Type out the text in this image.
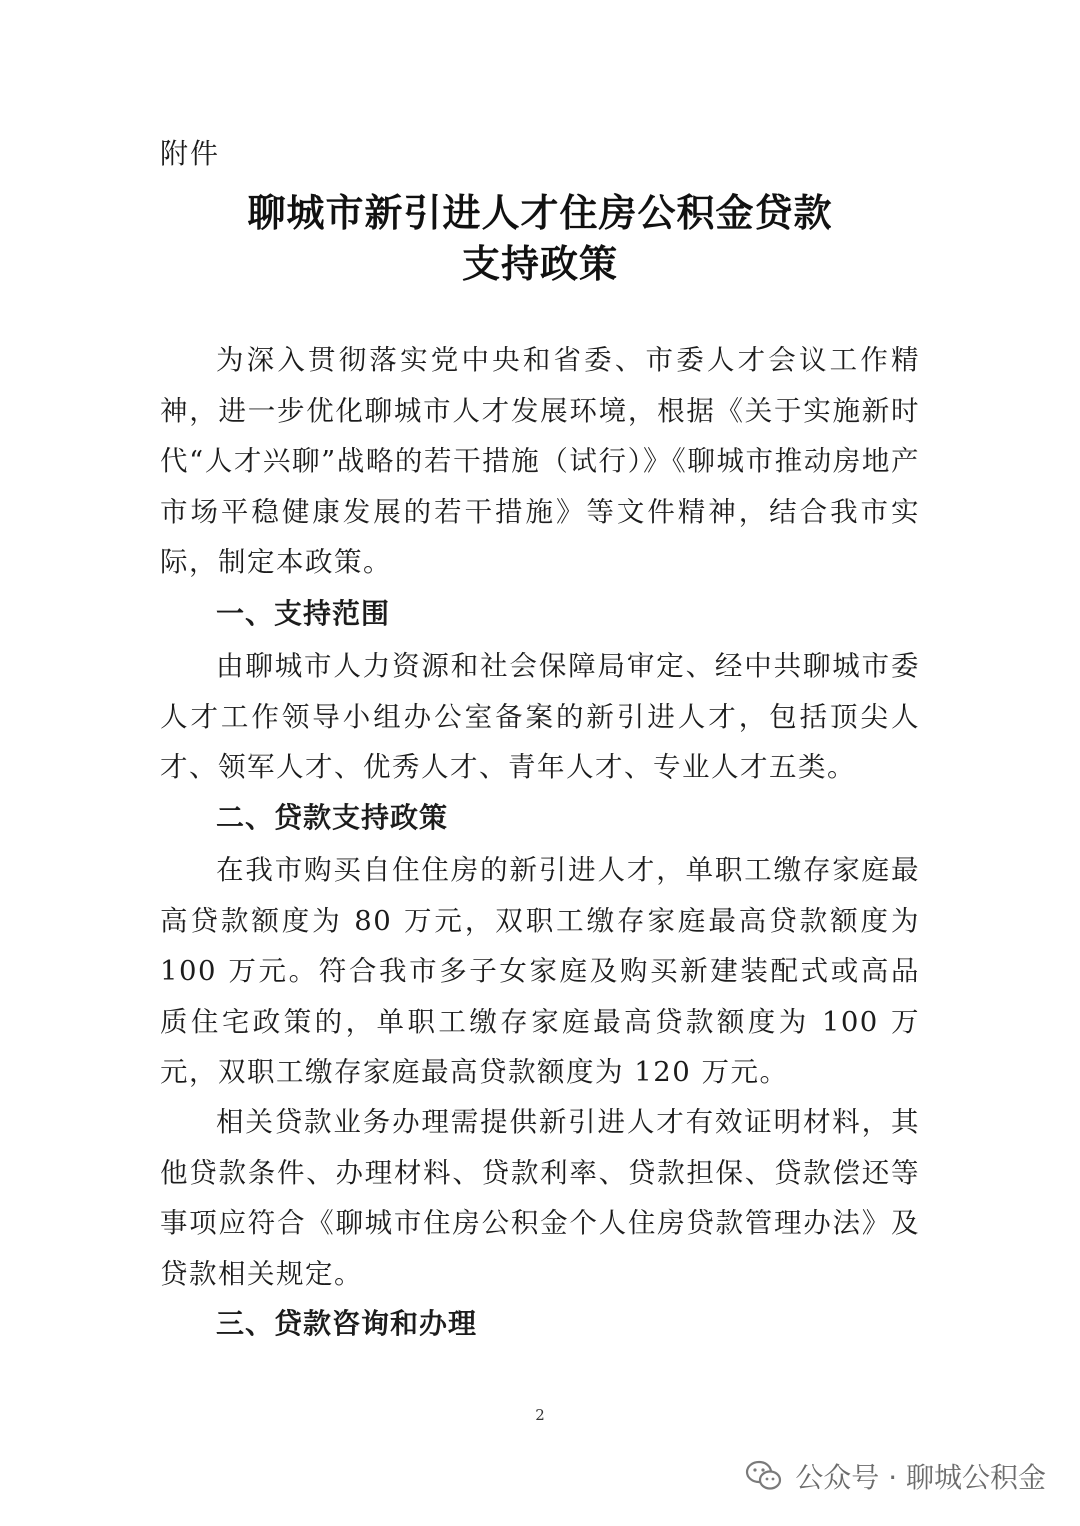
附件
聊城市新引进人才住房公积金贷款
支持政策

为深入贯彻落实党中央和省委、市委人才会议工作精神，进一步优化聊城市人才发展环境，根据《关于实施新时代“人才兴聊”战略的若干措施（试行）》《聊城市推动房地产市场平稳健康发展的若干措施》等文件精神，结合我市实际，制定本政策。

一、支持范围

由聊城市人力资源和社会保障局审定、经中共聊城市委人才工作领导小组办公室备案的新引进人才，包括顶尖人才、领军人才、优秀人才、青年人才、专业人才五类。

二、贷款支持政策

在我市购买自住住房的新引进人才，单职工缴存家庭最高贷款额度为 80 万元，双职工缴存家庭最高贷款额度为 100 万元。符合我市多子女家庭及购买新建装配式或高品质住宅政策的，单职工缴存家庭最高贷款额度为 100 万元，双职工缴存家庭最高贷款额度为 120 万元。

相关贷款业务办理需提供新引进人才有效证明材料，其他贷款条件、办理材料、贷款利率、贷款担保、贷款偿还等事项应符合《聊城市住房公积金个人住房贷款管理办法》及贷款相关规定。

三、贷款咨询和办理

2
公众号 · 聊城公积金
